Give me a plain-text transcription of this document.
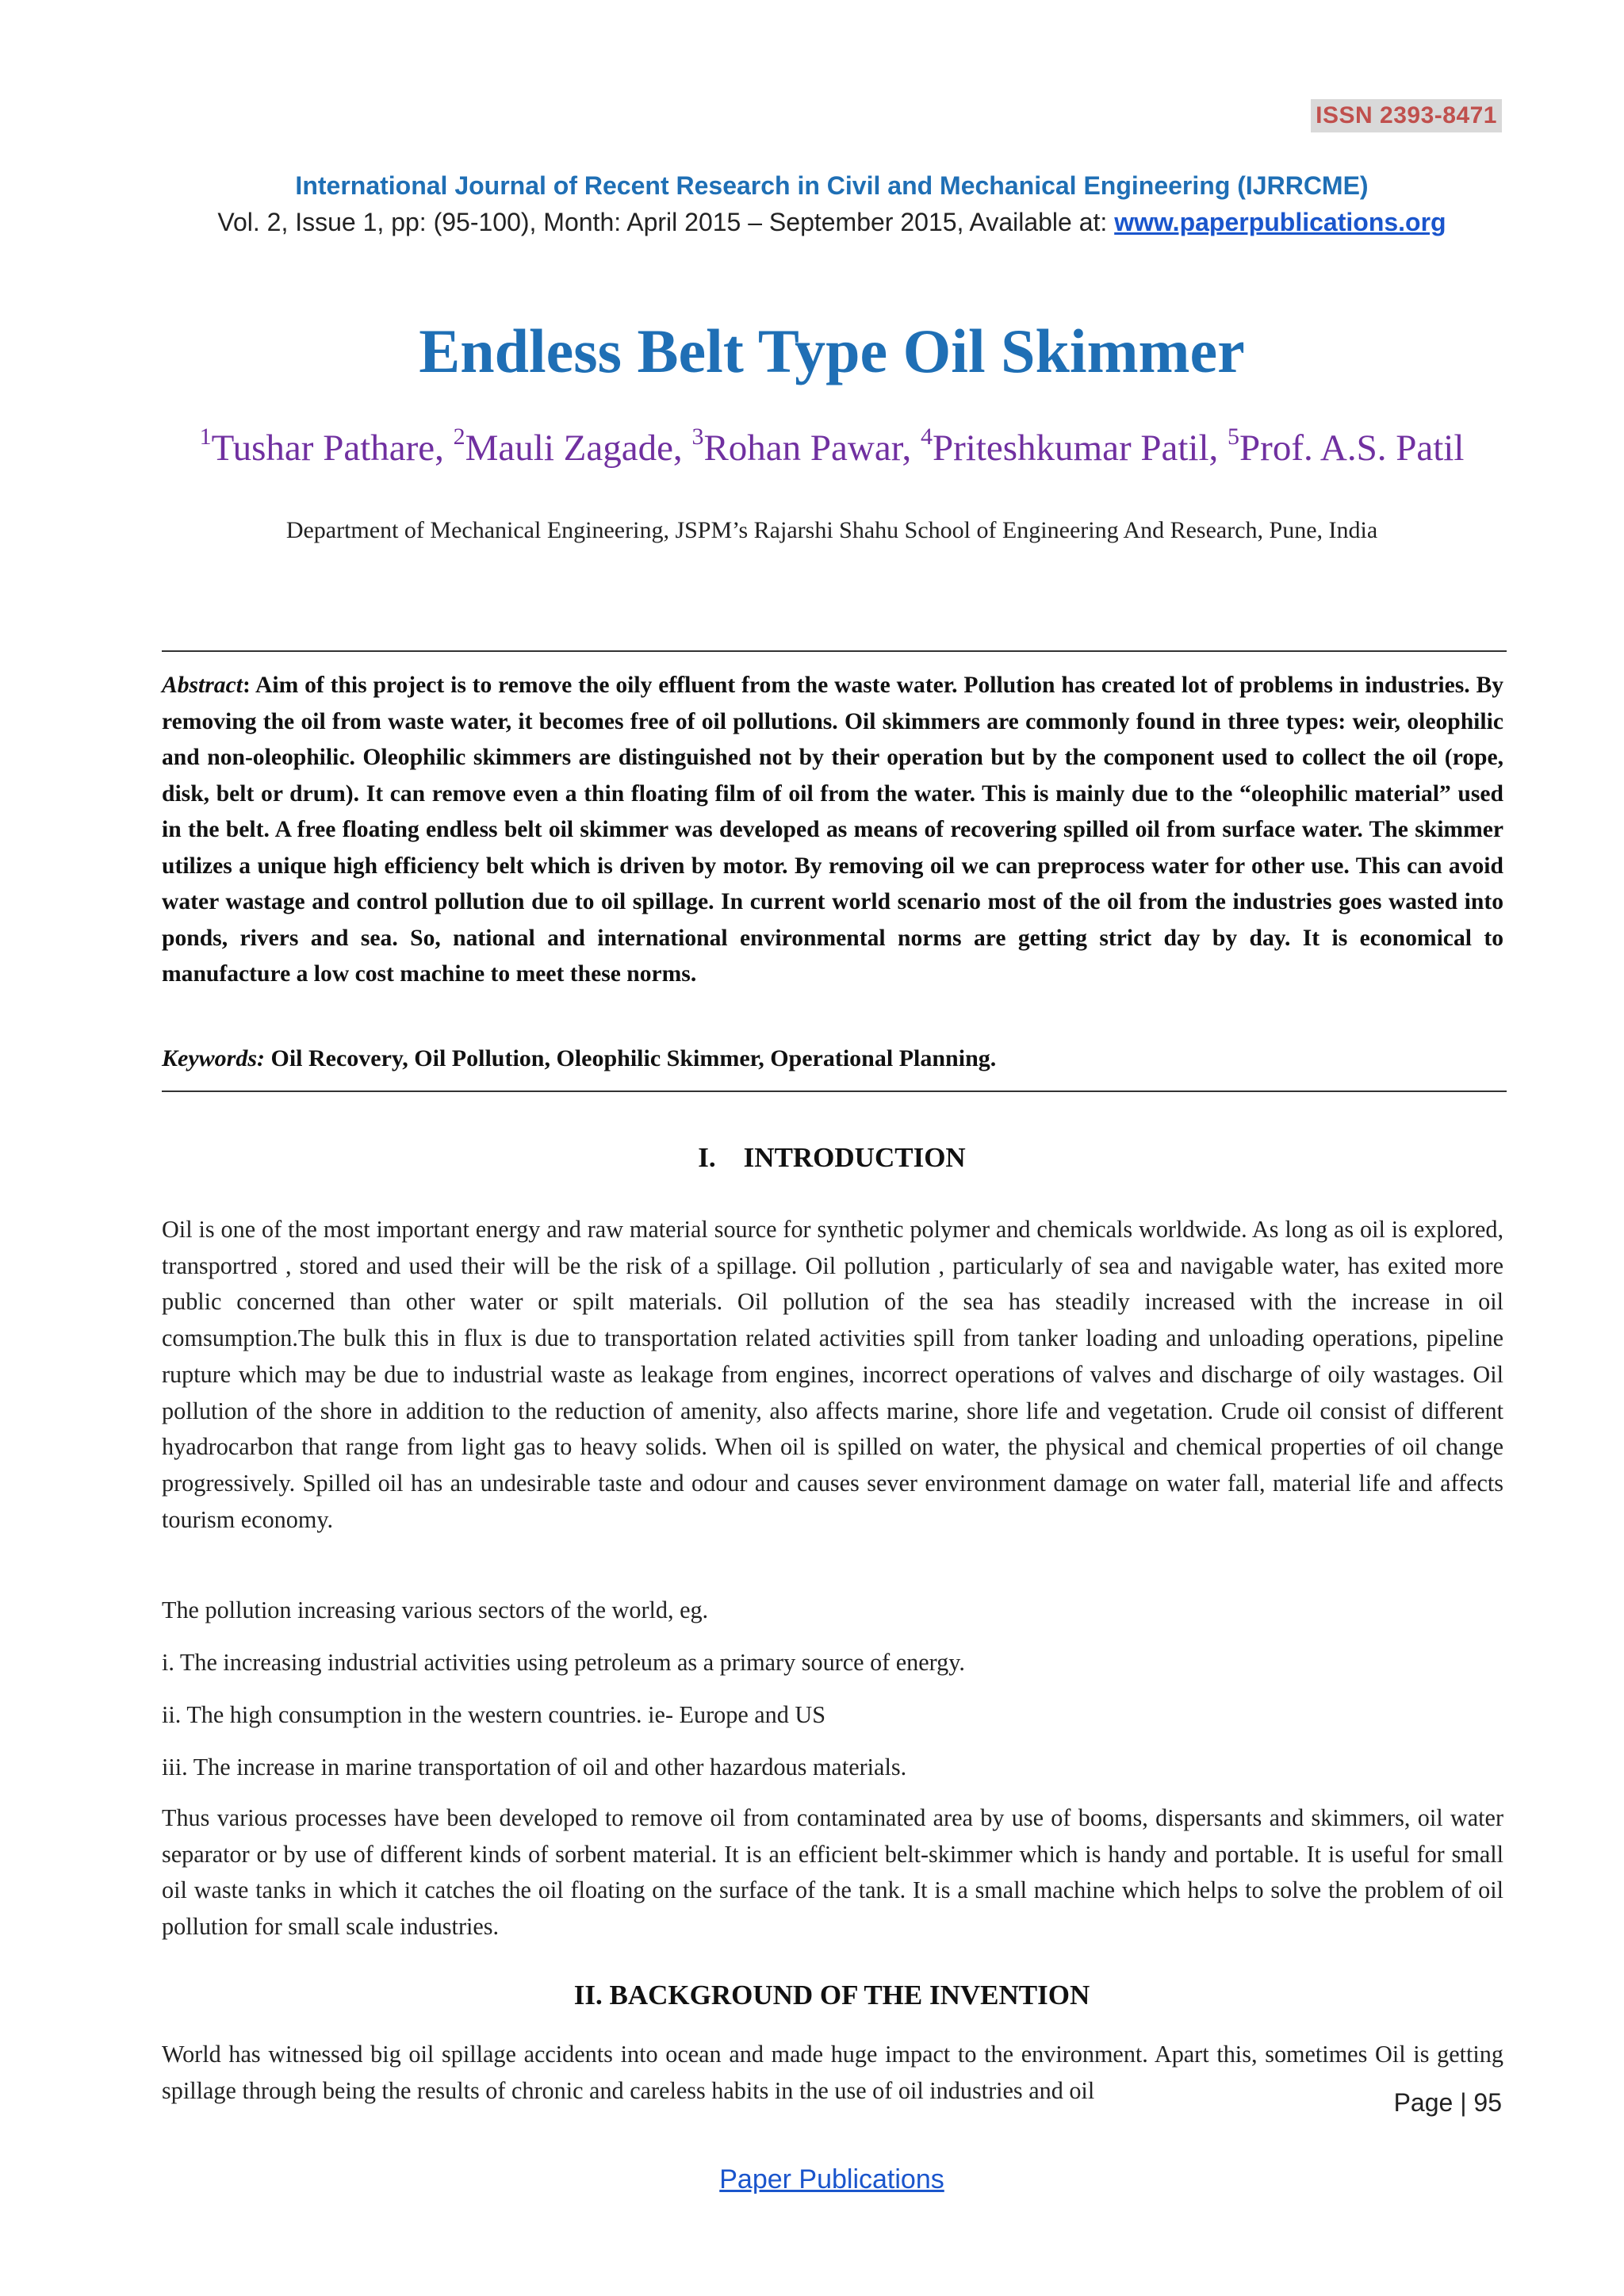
ISSN 2393-8471
International Journal of Recent Research in Civil and Mechanical Engineering (IJRRCME)
Vol. 2, Issue 1, pp: (95-100), Month: April 2015 – September 2015, Available at: www.paperpublications.org
Endless Belt Type Oil Skimmer
$^1$Tushar Pathare, $^2$Mauli Zagade, $^3$Rohan Pawar, $^4$Priteshkumar Patil, $^5$Prof. A.S. Patil
Department of Mechanical Engineering, JSPM’s Rajarshi Shahu School of Engineering And Research, Pune, India

Abstract: Aim of this project is to remove the oily effluent from the waste water. Pollution has created lot of problems in industries. By removing the oil from waste water, it becomes free of oil pollutions. Oil skimmers are commonly found in three types: weir, oleophilic and non-oleophilic. Oleophilic skimmers are distinguished not by their operation but by the component used to collect the oil (rope, disk, belt or drum). It can remove even a thin floating film of oil from the water. This is mainly due to the “oleophilic material” used in the belt. A free floating endless belt oil skimmer was developed as means of recovering spilled oil from surface water. The skimmer utilizes a unique high efficiency belt which is driven by motor. By removing oil we can preprocess water for other use. This can avoid water wastage and control pollution due to oil spillage. In current world scenario most of the oil from the industries goes wasted into ponds, rivers and sea. So, national and international environmental norms are getting strict day by day. It is economical to manufacture a low cost machine to meet these norms.

Keywords: Oil Recovery, Oil Pollution, Oleophilic Skimmer, Operational Planning.

I.    INTRODUCTION

Oil is one of the most important energy and raw material source for synthetic polymer and chemicals worldwide. As long as oil is explored, transportred , stored and used their will be the risk of a spillage. Oil pollution , particularly of sea and navigable water, has exited more public concerned than other water or spilt materials. Oil pollution of the sea has steadily increased with the increase in oil comsumption.The bulk this in flux is due to transportation related activities spill from tanker loading and unloading operations, pipeline rupture which may be due to industrial waste as leakage from engines, incorrect operations of valves and discharge of oily wastages. Oil pollution of the shore in addition to the reduction of amenity, also affects marine, shore life and vegetation. Crude oil consist of different hyadrocarbon that range from light gas to heavy solids. When oil is spilled on water, the physical and chemical properties of oil change progressively. Spilled oil has an undesirable taste and odour and causes sever environment damage on water fall, material life and affects tourism economy.

The pollution increasing various sectors of the world, eg.

i. The increasing industrial activities using petroleum as a primary source of energy.

ii. The high consumption in the western countries. ie- Europe and US

iii. The increase in marine transportation of oil and other hazardous materials.

Thus various processes have been developed to remove oil from contaminated area by use of booms, dispersants and skimmers, oil water separator or by use of different kinds of sorbent material. It is an efficient belt-skimmer which is handy and portable. It is useful for small oil waste tanks in which it catches the oil floating on the surface of the tank. It is a small machine which helps to solve the problem of oil pollution for small scale industries.

II. BACKGROUND OF THE INVENTION

World has witnessed big oil spillage accidents into ocean and made huge impact to the environment. Apart this, sometimes Oil is getting spillage through being the results of chronic and careless habits in the use of oil industries and oil	Page | 95
Paper Publications
